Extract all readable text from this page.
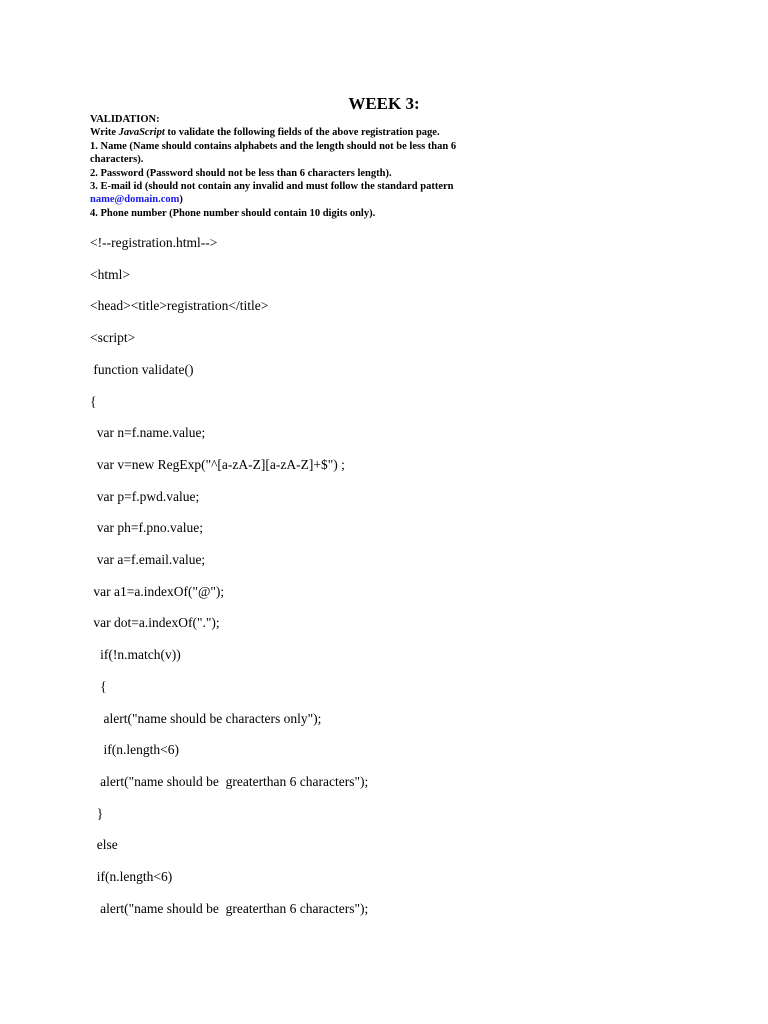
WEEK 3:
VALIDATION:
Write JavaScript to validate the following fields of the above registration page.
1. Name (Name should contains alphabets and the length should not be less than 6
characters).
2. Password (Password should not be less than 6 characters length).
3. E-mail id (should not contain any invalid and must follow the standard pattern
name@domain.com)
4. Phone number (Phone number should contain 10 digits only).
<!--registration.html-->
<html>
<head><title>registration</title>
<script>
function validate()
{
var n=f.name.value;
var v=new RegExp("^[a-zA-Z][a-zA-Z]+$") ;
var p=f.pwd.value;
var ph=f.pno.value;
var a=f.email.value;
var a1=a.indexOf("@");
var dot=a.indexOf(".");
if(!n.match(v))
{
alert("name should be characters only");
if(n.length<6)
alert("name should be  greaterthan 6 characters");
}
else
if(n.length<6)
alert("name should be  greaterthan 6 characters");
